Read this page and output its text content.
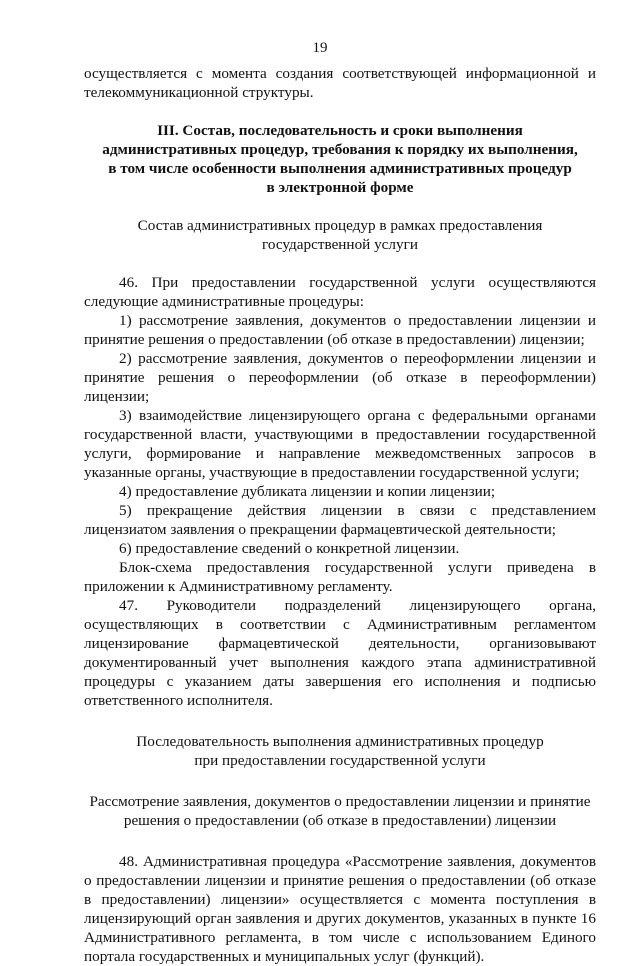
19

осуществляется с момента создания соответствующей информационной и телекоммуникационной структуры.

III. Состав, последовательность и сроки выполнения
административных процедур, требования к порядку их выполнения,
в том числе особенности выполнения административных процедур
в электронной форме
Состав административных процедур в рамках предоставления
государственной услуги

46. При предоставлении государственной услуги осуществляются следующие административные процедуры:

1) рассмотрение заявления, документов о предоставлении лицензии и принятие решения о предоставлении (об отказе в предоставлении) лицензии;

2) рассмотрение заявления, документов о переоформлении лицензии и принятие решения о переоформлении (об отказе в переоформлении) лицензии;

3) взаимодействие лицензирующего органа с федеральными органами государственной власти, участвующими в предоставлении государственной услуги, формирование и направление межведомственных запросов в указанные органы, участвующие в предоставлении государственной услуги;

4) предоставление дубликата лицензии и копии лицензии;

5) прекращение действия лицензии в связи с представлением лицензиатом заявления о прекращении фармацевтической деятельности;

6) предоставление сведений о конкретной лицензии.

Блок-схема предоставления государственной услуги приведена в приложении к Административному регламенту.

47. Руководители подразделений лицензирующего органа, осуществляющих в соответствии с Административным регламентом лицензирование фармацевтической деятельности, организовывают документированный учет выполнения каждого этапа административной процедуры с указанием даты завершения его исполнения и подписью ответственного исполнителя.

Последовательность выполнения административных процедур
при предоставлении государственной услуги
Рассмотрение заявления, документов о предоставлении лицензии и принятие
решения о предоставлении (об отказе в предоставлении) лицензии

48. Административная процедура «Рассмотрение заявления, документов о предоставлении лицензии и принятие решения о предоставлении (об отказе в предоставлении) лицензии» осуществляется с момента поступления в лицензирующий орган заявления и других документов, указанных в пункте 16 Административного регламента, в том числе с использованием Единого портала государственных и муниципальных услуг (функций).
